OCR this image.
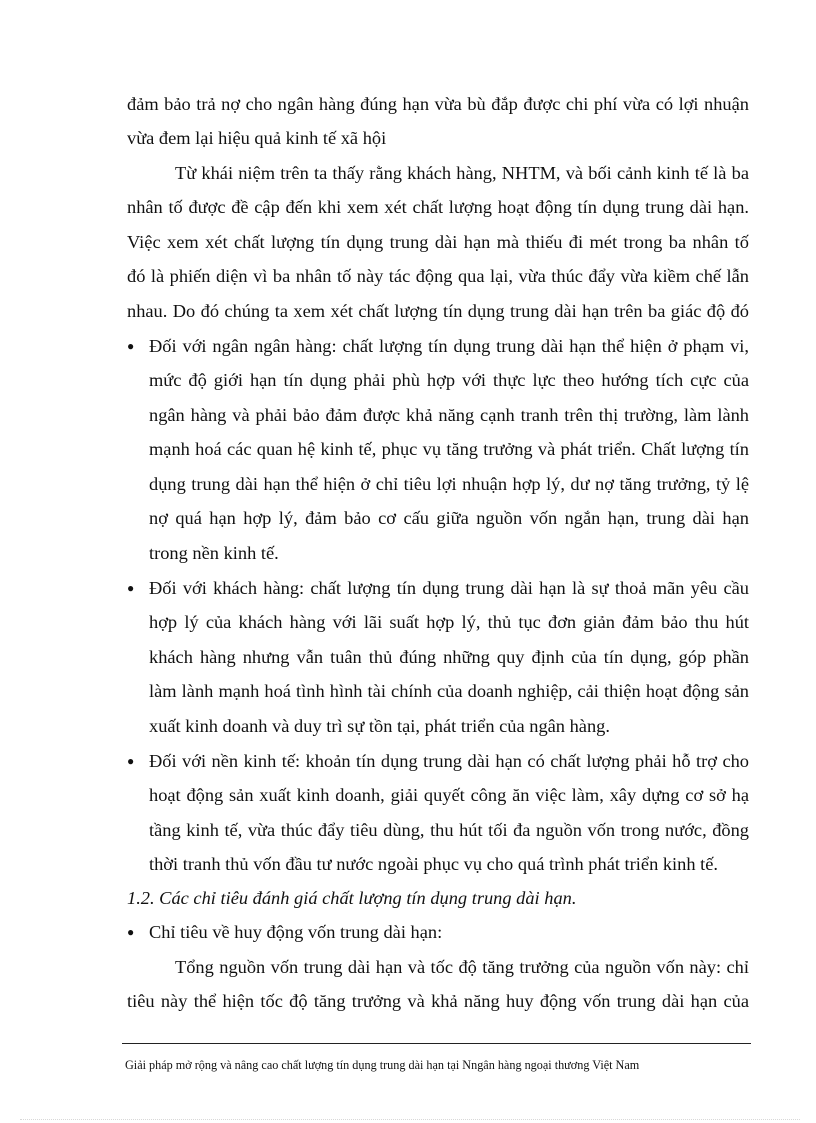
đảm bảo trả nợ cho ngân hàng đúng hạn vừa bù đắp được chi phí vừa có lợi nhuận
vừa đem lại hiệu quả kinh tế xã hội
Từ khái niệm trên ta thấy rằng khách hàng, NHTM, và bối cảnh kinh tế là ba
nhân tố được đề cập đến khi xem xét chất lượng hoạt động tín dụng trung dài hạn.
Việc xem xét chất lượng tín dụng trung dài hạn mà thiếu đi mét trong ba nhân tố
đó là phiến diện vì ba nhân tố này tác động qua lại, vừa thúc đẩy vừa kiềm chế lẫn
nhau. Do đó chúng ta xem xét chất lượng tín dụng trung dài hạn trên ba giác độ đó
● Đối với ngân ngân hàng: chất lượng tín dụng trung dài hạn thể hiện ở phạm vi,
mức độ giới hạn tín dụng phải phù hợp với thực lực theo hướng tích cực của
ngân hàng và phải bảo đảm được khả năng cạnh tranh trên thị trường, làm lành
mạnh hoá các quan hệ kinh tế, phục vụ tăng trưởng và phát triển. Chất lượng tín
dụng trung dài hạn thể hiện ở chỉ tiêu lợi nhuận hợp lý, dư nợ tăng trưởng, tỷ lệ
nợ quá hạn hợp lý, đảm bảo cơ cấu giữa nguồn vốn ngắn hạn, trung dài hạn
trong nền kinh tế.
● Đối với khách hàng: chất lượng tín dụng trung dài hạn là sự thoả mãn yêu cầu
hợp lý của khách hàng với lãi suất hợp lý, thủ tục đơn giản đảm bảo thu hút
khách hàng nhưng vẫn tuân thủ đúng những quy định của tín dụng, góp phần
làm lành mạnh hoá tình hình tài chính của doanh nghiệp, cải thiện hoạt động sản
xuất kinh doanh và duy trì sự tồn tại, phát triển của ngân hàng.
● Đối với nền kinh tế: khoản tín dụng trung dài hạn có chất lượng phải hỗ trợ cho
hoạt động sản xuất kinh doanh, giải quyết công ăn việc làm, xây dựng cơ sở hạ
tầng kinh tế, vừa thúc đẩy tiêu dùng, thu hút tối đa nguồn vốn trong nước, đồng
thời tranh thủ vốn đầu tư nước ngoài phục vụ cho quá trình phát triển kinh tế.
1.2. Các chỉ tiêu đánh giá chất lượng tín dụng trung dài hạn.
● Chỉ tiêu về huy động vốn trung dài hạn:
Tổng nguồn vốn trung dài hạn và tốc độ tăng trưởng của nguồn vốn này: chỉ
tiêu này thể hiện tốc độ tăng trưởng và khả năng huy động vốn trung dài hạn của
Giải pháp mở rộng và nâng cao chất lượng tín dụng trung dài hạn tại Nngân hàng ngoại thương Việt Nam
